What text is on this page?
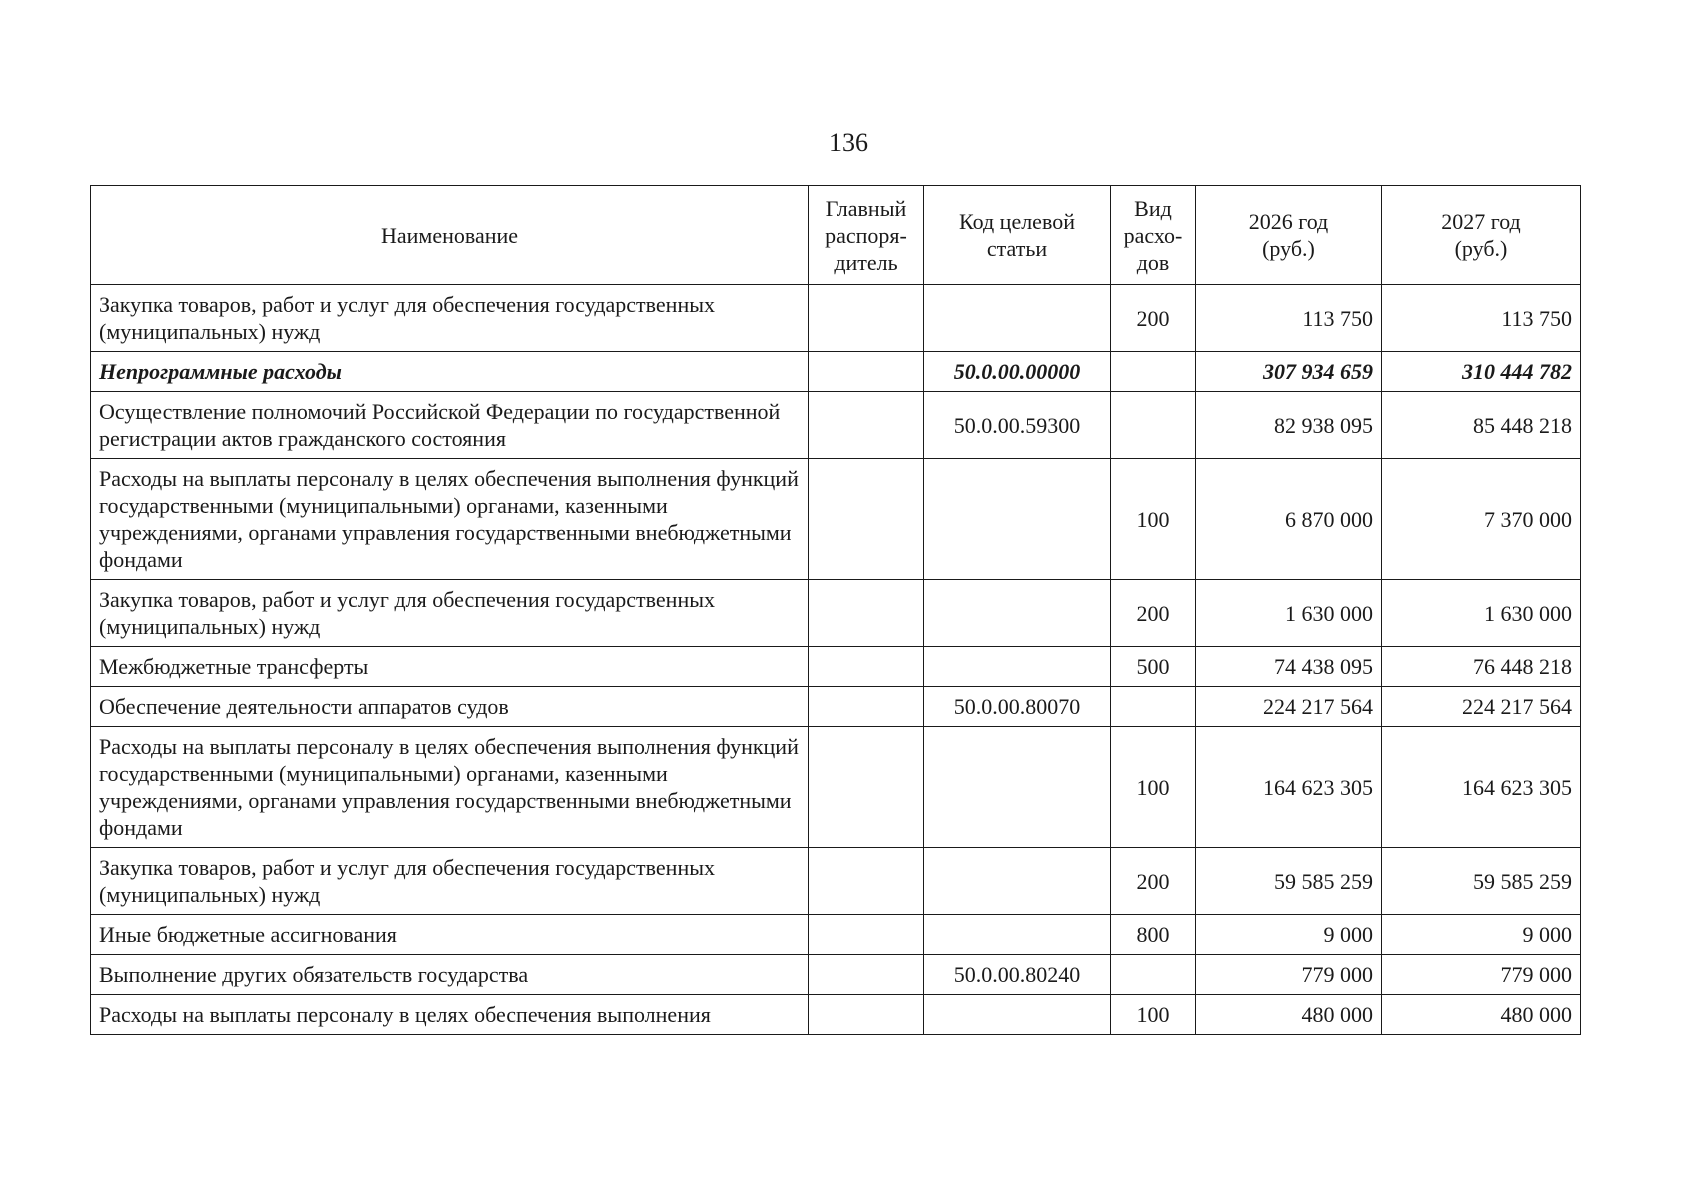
136
Наименование	Главный
распоря-
дитель	Код целевой
статьи	Вид
расхо-
дов	2026 год
(руб.)	2027 год
(руб.)
Закупка товаров, работ и услуг для обеспечения государственных (муниципальных) нужд			200	113 750	113 750
Непрограммные расходы		50.0.00.00000		307 934 659	310 444 782
Осуществление полномочий Российской Федерации по государственной регистрации актов гражданского состояния		50.0.00.59300		82 938 095	85 448 218
Расходы на выплаты персоналу в целях обеспечения выполнения функций государственными (муниципальными) органами, казенными учреждениями, органами управления государственными внебюджетными фондами			100	6 870 000	7 370 000
Закупка товаров, работ и услуг для обеспечения государственных (муниципальных) нужд			200	1 630 000	1 630 000
Межбюджетные трансферты			500	74 438 095	76 448 218
Обеспечение деятельности аппаратов судов		50.0.00.80070		224 217 564	224 217 564
Расходы на выплаты персоналу в целях обеспечения выполнения функций государственными (муниципальными) органами, казенными учреждениями, органами управления государственными внебюджетными фондами			100	164 623 305	164 623 305
Закупка товаров, работ и услуг для обеспечения государственных (муниципальных) нужд			200	59 585 259	59 585 259
Иные бюджетные ассигнования			800	9 000	9 000
Выполнение других обязательств государства		50.0.00.80240		779 000	779 000
Расходы на выплаты персоналу в целях обеспечения выполнения			100	480 000	480 000
